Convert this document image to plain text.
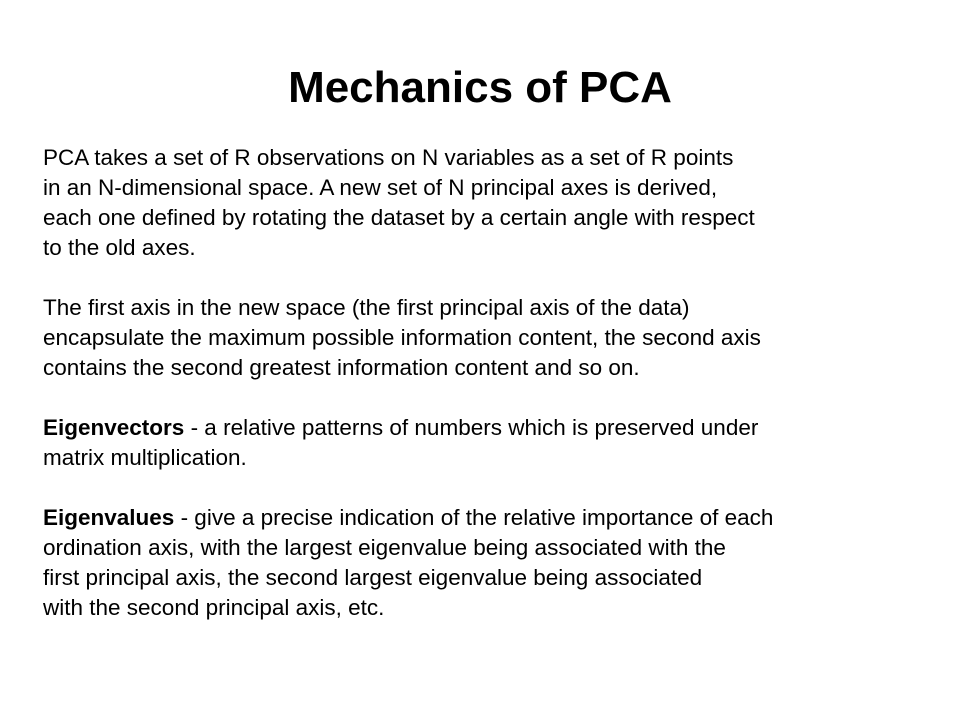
Mechanics of PCA

PCA takes a set of R observations on N variables as a set of R points
in an N-dimensional space. A new set of N principal axes is derived,
each one defined by rotating the dataset by a certain angle with respect
to the old axes.

The first axis in the new space (the first principal axis of the data)
encapsulate the maximum possible information content, the second axis
contains the second greatest information content and so on.

Eigenvectors - a relative patterns of numbers which is preserved under
matrix multiplication.

Eigenvalues - give a precise indication of the relative importance of each
ordination axis, with the largest eigenvalue being associated with the
first principal axis, the second largest eigenvalue being associated
with the second principal axis, etc.
